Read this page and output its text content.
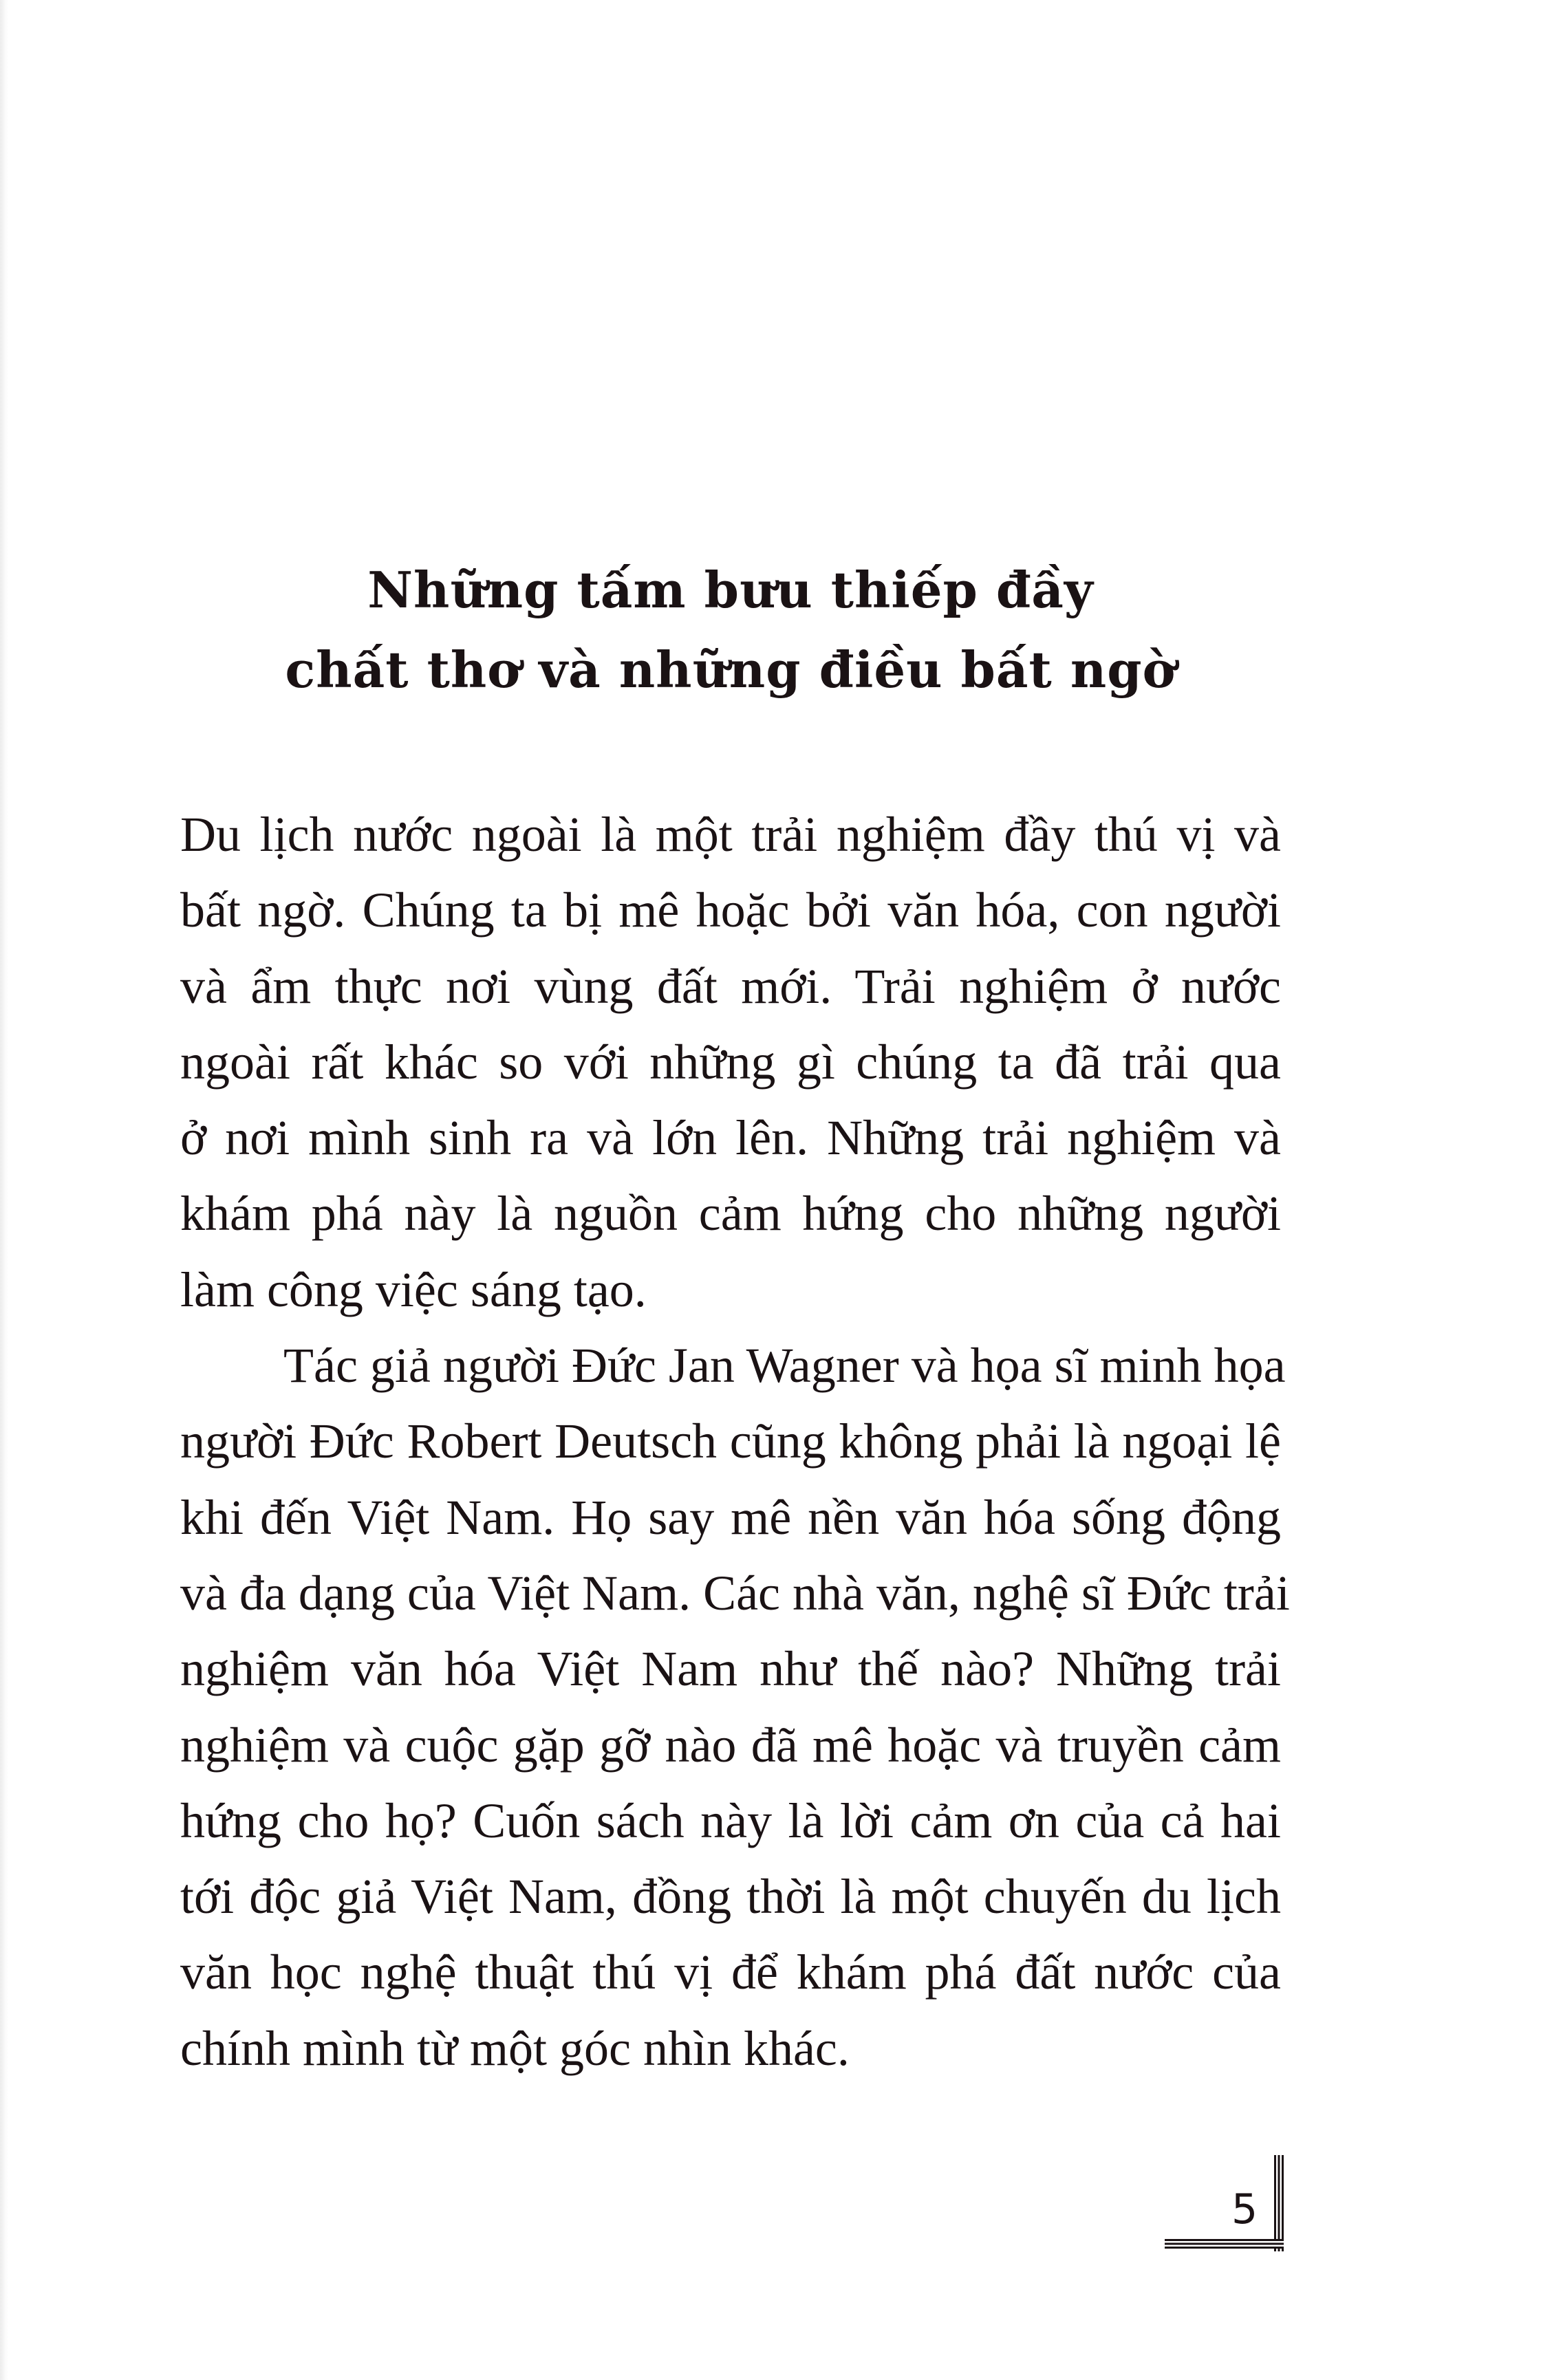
Những tấm bưu thiếp đầy
chất thơ và những điều bất ngờ

Du lịch nước ngoài là một trải nghiệm đầy thú vị và
bất ngờ. Chúng ta bị mê hoặc bởi văn hóa, con người
và ẩm thực nơi vùng đất mới. Trải nghiệm ở nước
ngoài rất khác so với những gì chúng ta đã trải qua
ở nơi mình sinh ra và lớn lên. Những trải nghiệm và
khám phá này là nguồn cảm hứng cho những người
làm công việc sáng tạo.

Tác giả người Đức Jan Wagner và họa sĩ minh họa
người Đức Robert Deutsch cũng không phải là ngoại lệ
khi đến Việt Nam. Họ say mê nền văn hóa sống động
và đa dạng của Việt Nam. Các nhà văn, nghệ sĩ Đức trải
nghiệm văn hóa Việt Nam như thế nào? Những trải
nghiệm và cuộc gặp gỡ nào đã mê hoặc và truyền cảm
hứng cho họ? Cuốn sách này là lời cảm ơn của cả hai
tới độc giả Việt Nam, đồng thời là một chuyến du lịch
văn học nghệ thuật thú vị để khám phá đất nước của
chính mình từ một góc nhìn khác.

5
